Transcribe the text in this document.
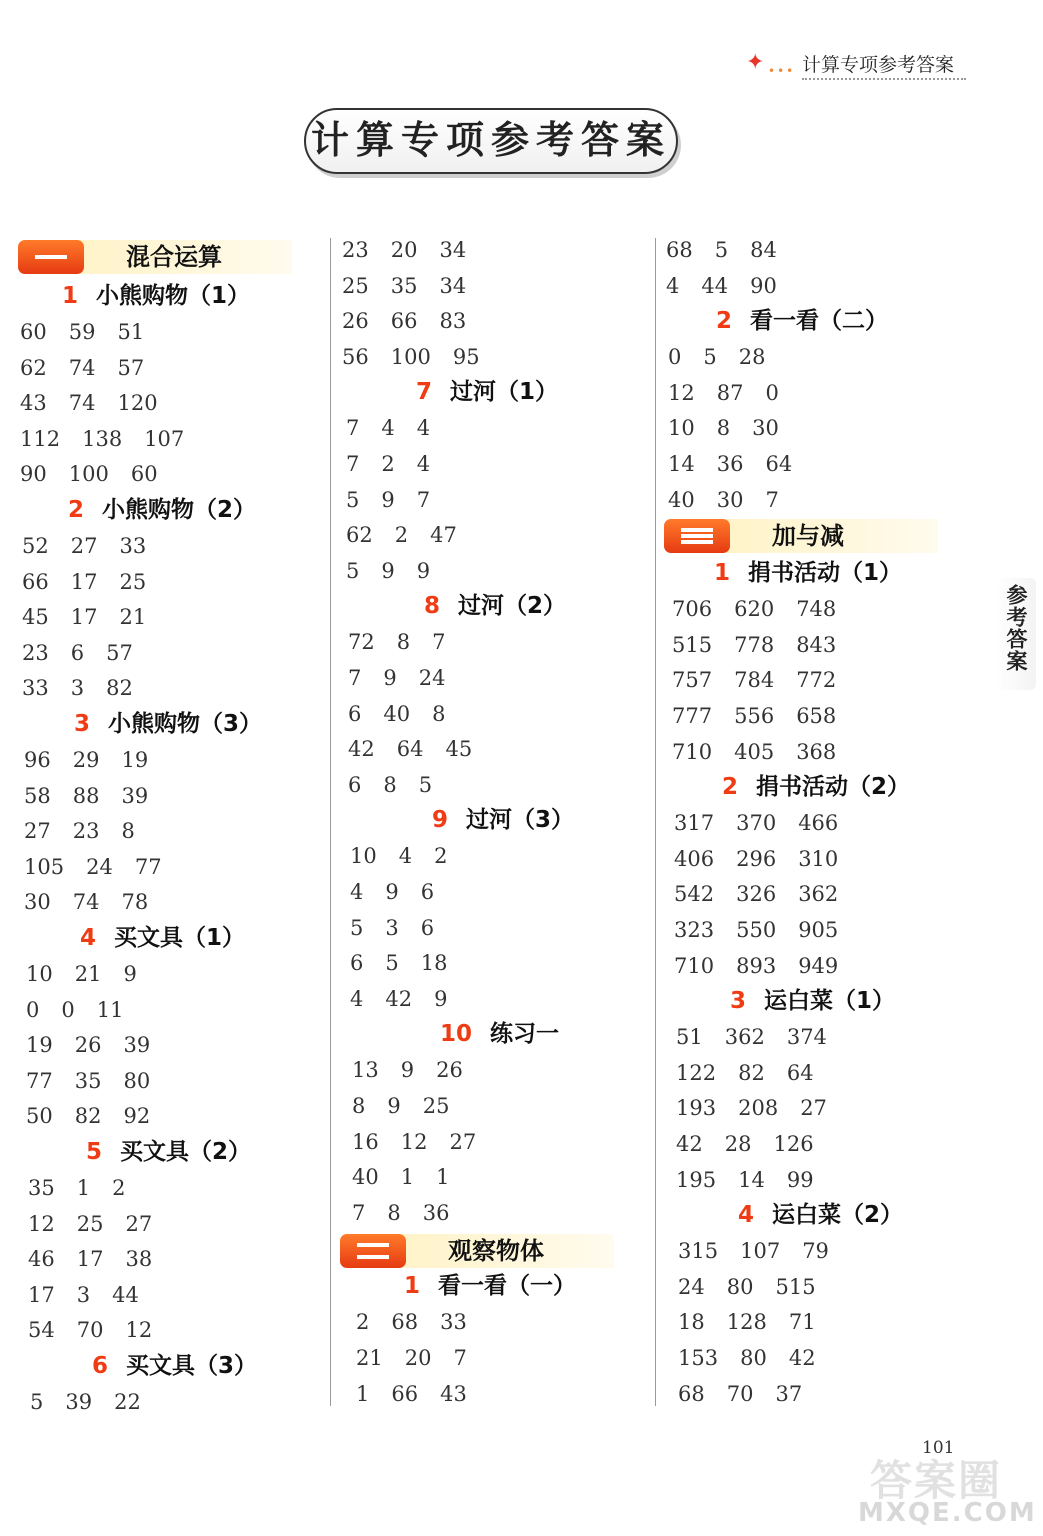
✦ ••• 计算专项参考答案
计算专项参考答案
混合运算
1 小熊购物（1）
60 59 51
62 74 57
43 74 120
112 138 107
90 100 60
2 小熊购物（2）
52 27 33
66 17 25
45 17 21
23 6 57
33 3 82
3 小熊购物（3）
96 29 19
58 88 39
27 23 8
105 24 77
30 74 78
4 买文具（1）
10 21 9
0 0 11
19 26 39
77 35 80
50 82 92
5 买文具（2）
35 1 2
12 25 27
46 17 38
17 3 44
54 70 12
6 买文具（3）
5 39 22
23 20 34
25 35 34
26 66 83
56 100 95
7 过河（1）
7 4 4
7 2 4
5 9 7
62 2 47
5 9 9
8 过河（2）
72 8 7
7 9 24
6 40 8
42 64 45
6 8 5
9 过河（3）
10 4 2
4 9 6
5 3 6
6 5 18
4 42 9
10 练习一
13 9 26
8 9 25
16 12 27
40 1 1
7 8 36
观察物体
1 看一看（一）
2 68 33
21 20 7
1 66 43
68 5 84
4 44 90
2 看一看（二）
0 5 28
12 87 0
10 8 30
14 36 64
40 30 7
加与减
1 捐书活动（1）
706 620 748
515 778 843
757 784 772
777 556 658
710 405 368
2 捐书活动（2）
317 370 466
406 296 310
542 326 362
323 550 905
710 893 949
3 运白菜（1）
51 362 374
122 82 64
193 208 27
42 28 126
195 14 99
4 运白菜（2）
315 107 79
24 80 515
18 128 71
153 80 42
68 70 37
参考答案
101
答案圈
MXQE.COM
